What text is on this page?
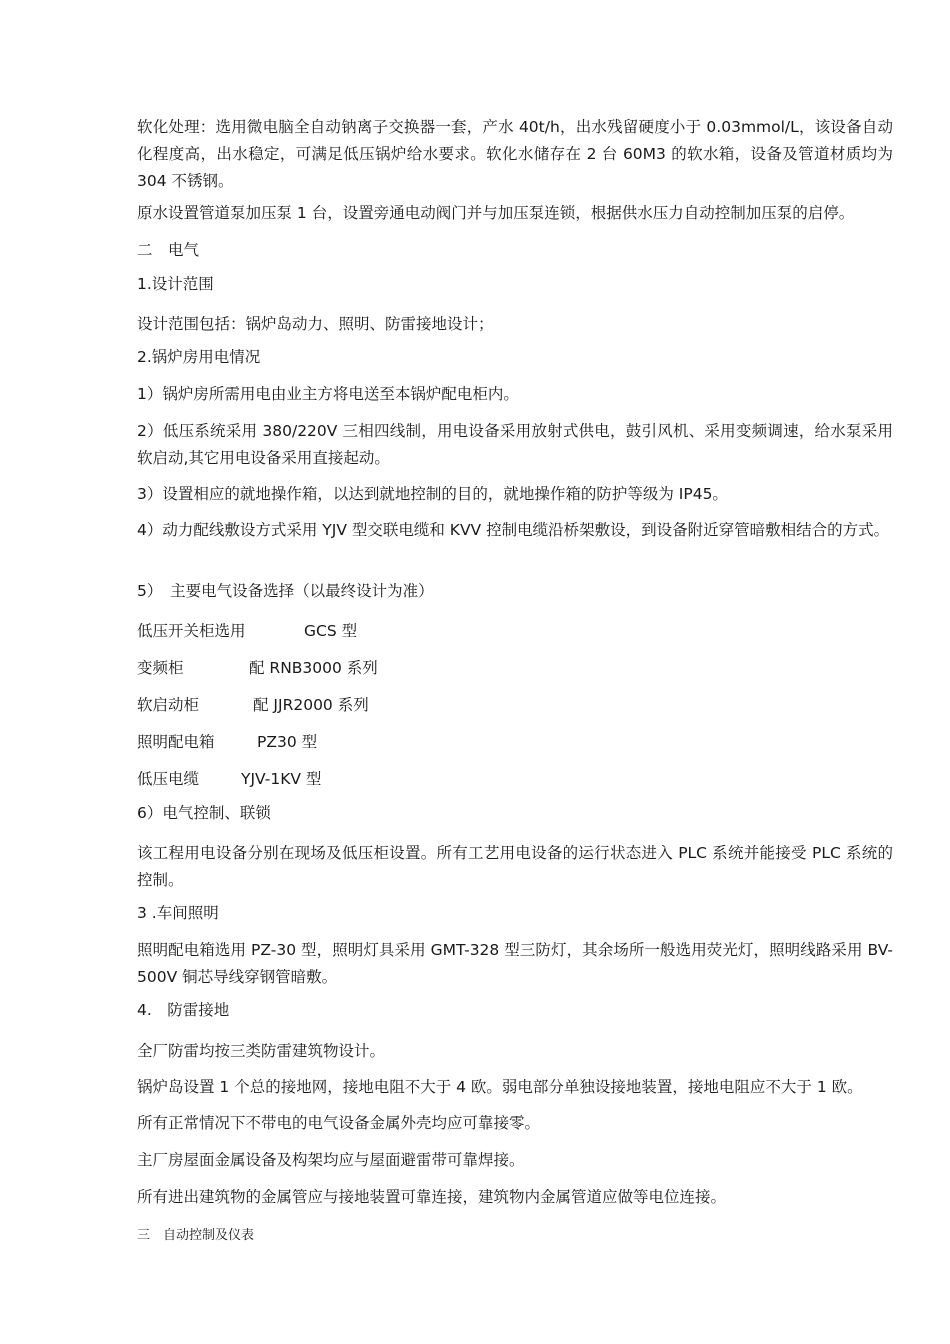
软化处理：选用微电脑全自动钠离子交换器一套，产水 40t/h，出水残留硬度小于 0.03mmol/L，该设备自动化程度高，出水稳定，可满足低压锅炉给水要求。软化水储存在 2 台 60M3 的软水箱，设备及管道材质均为 304 不锈钢。

原水设置管道泵加压泵 1 台，设置旁通电动阀门并与加压泵连锁，根据供水压力自动控制加压泵的启停。

二　电气

1.设计范围

设计范围包括：锅炉岛动力、照明、防雷接地设计；

2.锅炉房用电情况

1）锅炉房所需用电由业主方将电送至本锅炉配电柜内。

2）低压系统采用 380/220V 三相四线制，用电设备采用放射式供电，鼓引风机、采用变频调速，给水泵采用软启动,其它用电设备采用直接起动。

3）设置相应的就地操作箱，以达到就地控制的目的，就地操作箱的防护等级为 IP45。

4）动力配线敷设方式采用 YJV 型交联电缆和 KVV 控制电缆沿桥架敷设，到设备附近穿管暗敷相结合的方式。

5）　主要电气设备选择（以最终设计为准）

低压开关柜选用	GCS 型
变频柜	配 RNB3000 系列
软启动柜	配 JJR2000 系列
照明配电箱	PZ30 型
低压电缆	YJV-1KV 型

6）电气控制、联锁

该工程用电设备分别在现场及低压柜设置。所有工艺用电设备的运行状态进入 PLC 系统并能接受 PLC 系统的控制。

3 .车间照明

照明配电箱选用 PZ-30 型，照明灯具采用 GMT-328 型三防灯，其余场所一般选用荧光灯，照明线路采用 BV-500V 铜芯导线穿钢管暗敷。

4.　防雷接地

全厂防雷均按三类防雷建筑物设计。

锅炉岛设置 1 个总的接地网，接地电阻不大于 4 欧。弱电部分单独设接地装置，接地电阻应不大于 1 欧。

所有正常情况下不带电的电气设备金属外壳均应可靠接零。

主厂房屋面金属设备及构架均应与屋面避雷带可靠焊接。

所有进出建筑物的金属管应与接地装置可靠连接，建筑物内金属管道应做等电位连接。

三　自动控制及仪表
